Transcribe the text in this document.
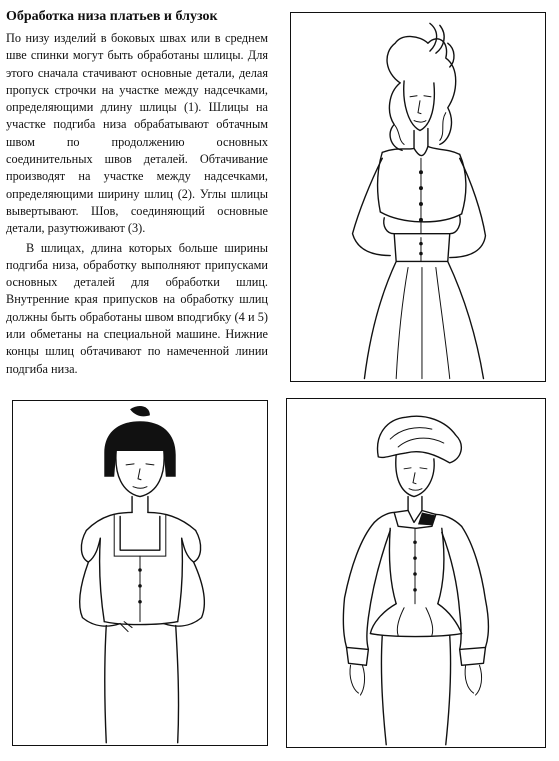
Обработка низа платьев и блузок

По низу изделий в боковых швах или в среднем шве спинки могут быть обработаны шлицы. Для этого сначала стачивают основные детали, делая пропуск строчки на участке между надсечками, определяющими длину шлицы (1). Шлицы на участке подгиба низа обрабатывают обтачным швом по продолжению основных соединительных швов деталей. Обтачивание производят на участке между надсечками, определяющими ширину шлиц (2). Углы шлицы вывертывают. Шов, соединяющий основные детали, разутюживают (3).

В шлицах, длина которых больше ширины подгиба низа, обработку выполняют припусками основных деталей для обработки шлиц. Внутренние края припусков на обработку шлиц должны быть обработаны швом вподгибку (4 и 5) или обметаны на специальной машине. Нижние концы шлиц обтачивают по намеченной линии подгиба низа.
